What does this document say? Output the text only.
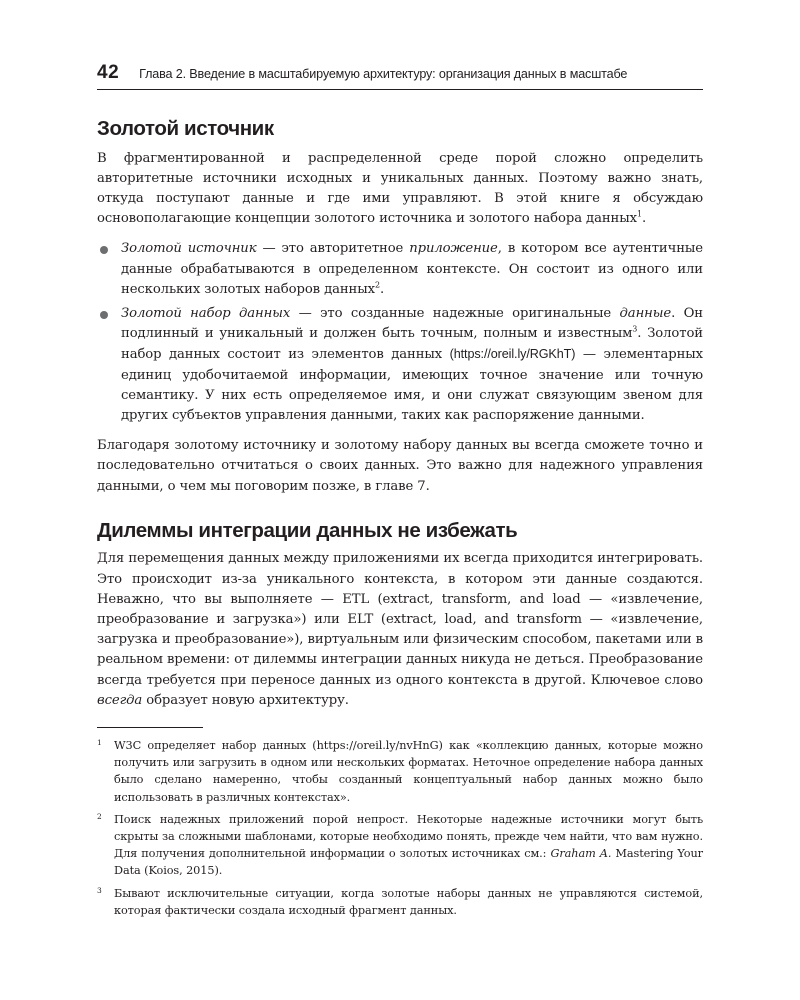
42 Глава 2. Введение в масштабируемую архитектуру: организация данных в масштабе
Золотой источник

В фрагментированной и распределенной среде порой сложно определить авторитетные источники исходных и уникальных данных. Поэтому важно знать, откуда поступают данные и где ими управляют. В этой книге я обсуждаю основополагающие концепции золотого источника и золотого набора данных$^1$.

Золотой источник — это авторитетное приложение, в котором все аутентичные данные обрабатываются в определенном контексте. Он состоит из одного или нескольких золотых наборов данных$^2$.
Золотой набор данных — это созданные надежные оригинальные данные. Он подлинный и уникальный и должен быть точным, полным и известным$^3$. Золотой набор данных состоит из элементов данных (https://oreil.ly/RGKhT) — элементарных единиц удобочитаемой информации, имеющих точное значение или точную семантику. У них есть определяемое имя, и они служат связующим звеном для других субъектов управления данными, таких как распоряжение данными.

Благодаря золотому источнику и золотому набору данных вы всегда сможете точно и последовательно отчитаться о своих данных. Это важно для надежного управления данными, о чем мы поговорим позже, в главе 7.

Дилеммы интеграции данных не избежать

Для перемещения данных между приложениями их всегда приходится интегрировать. Это происходит из-за уникального контекста, в котором эти данные создаются. Неважно, что вы выполняете — ETL (extract, transform, and load — «извлечение, преобразование и загрузка») или ELT (extract, load, and transform — «извлечение, загрузка и преобразование»), виртуальным или физическим способом, пакетами или в реальном времени: от дилеммы интеграции данных никуда не деться. Преобразование всегда требуется при переносе данных из одного контекста в другой. Ключевое слово всегда образует новую архитектуру.

1 W3C определяет набор данных (https://oreil.ly/nvHnG) как «коллекцию данных, которые можно получить или загрузить в одном или нескольких форматах. Неточное определение набора данных было сделано намеренно, чтобы созданный концептуальный набор данных можно было использовать в различных контекстах».
2 Поиск надежных приложений порой непрост. Некоторые надежные источники могут быть скрыты за сложными шаблонами, которые необходимо понять, прежде чем найти, что вам нужно. Для получения дополнительной информации о золотых источниках см.: Graham A. Mastering Your Data (Koios, 2015).
3 Бывают исключительные ситуации, когда золотые наборы данных не управляются системой, которая фактически создала исходный фрагмент данных.
